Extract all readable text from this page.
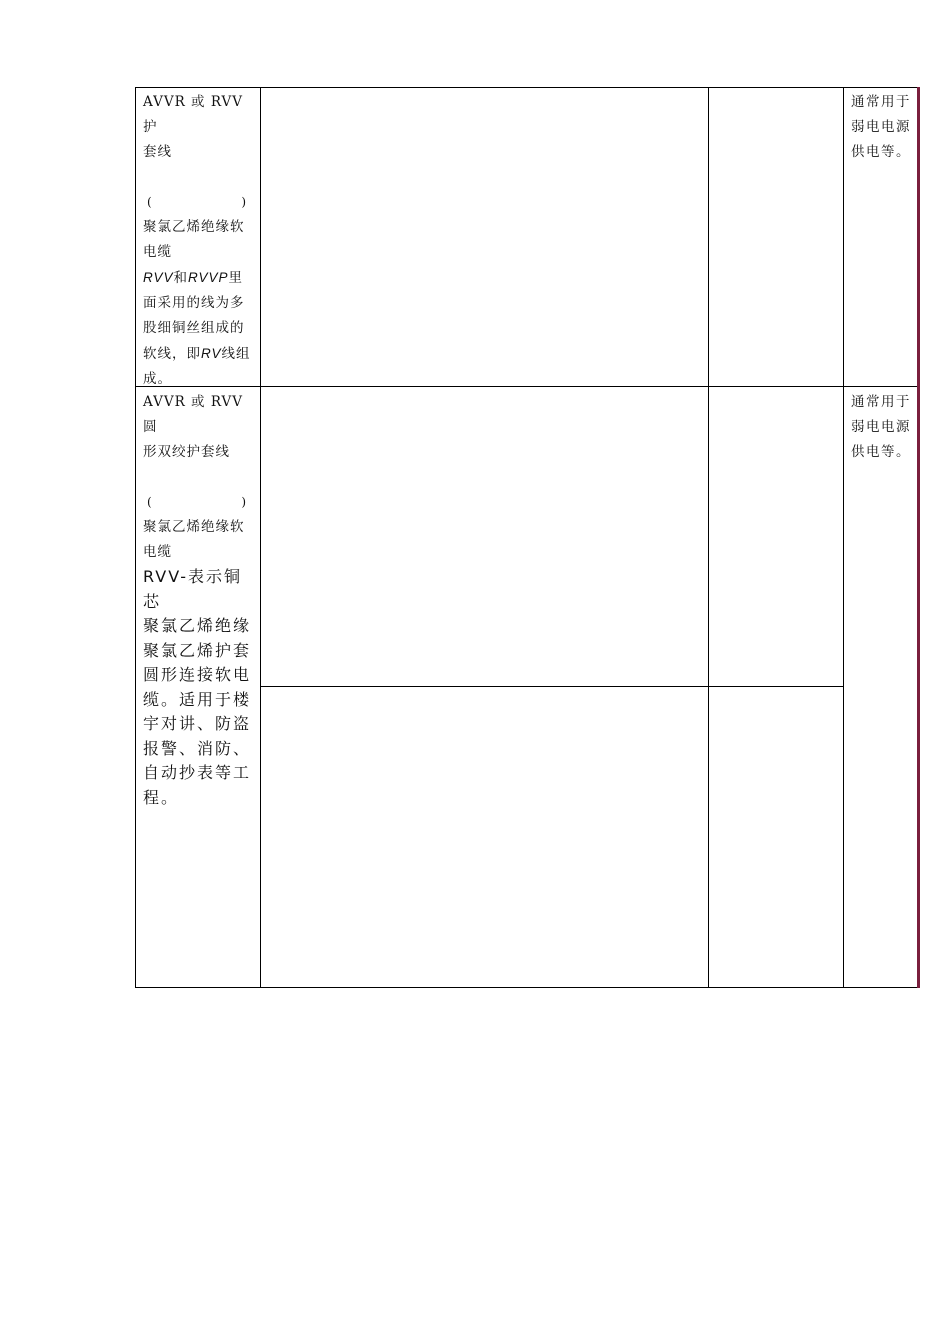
AVVR 或 RVV 护
套线
(	)
聚氯乙烯绝缘软
电缆
RVV和RVVP里
面采用的线为多
股细铜丝组成的
软线，即RV线组
成。
通常用于
弱电电源
供电等。
AVVR 或 RVV 圆
形双绞护套线
(	)
聚氯乙烯绝缘软
电缆
RVV-表示铜芯
聚氯乙烯绝缘
聚氯乙烯护套
圆形连接软电
缆。适用于楼
宇对讲、防盗
报警、消防、
自动抄表等工
程。
通常用于
弱电电源
供电等。
